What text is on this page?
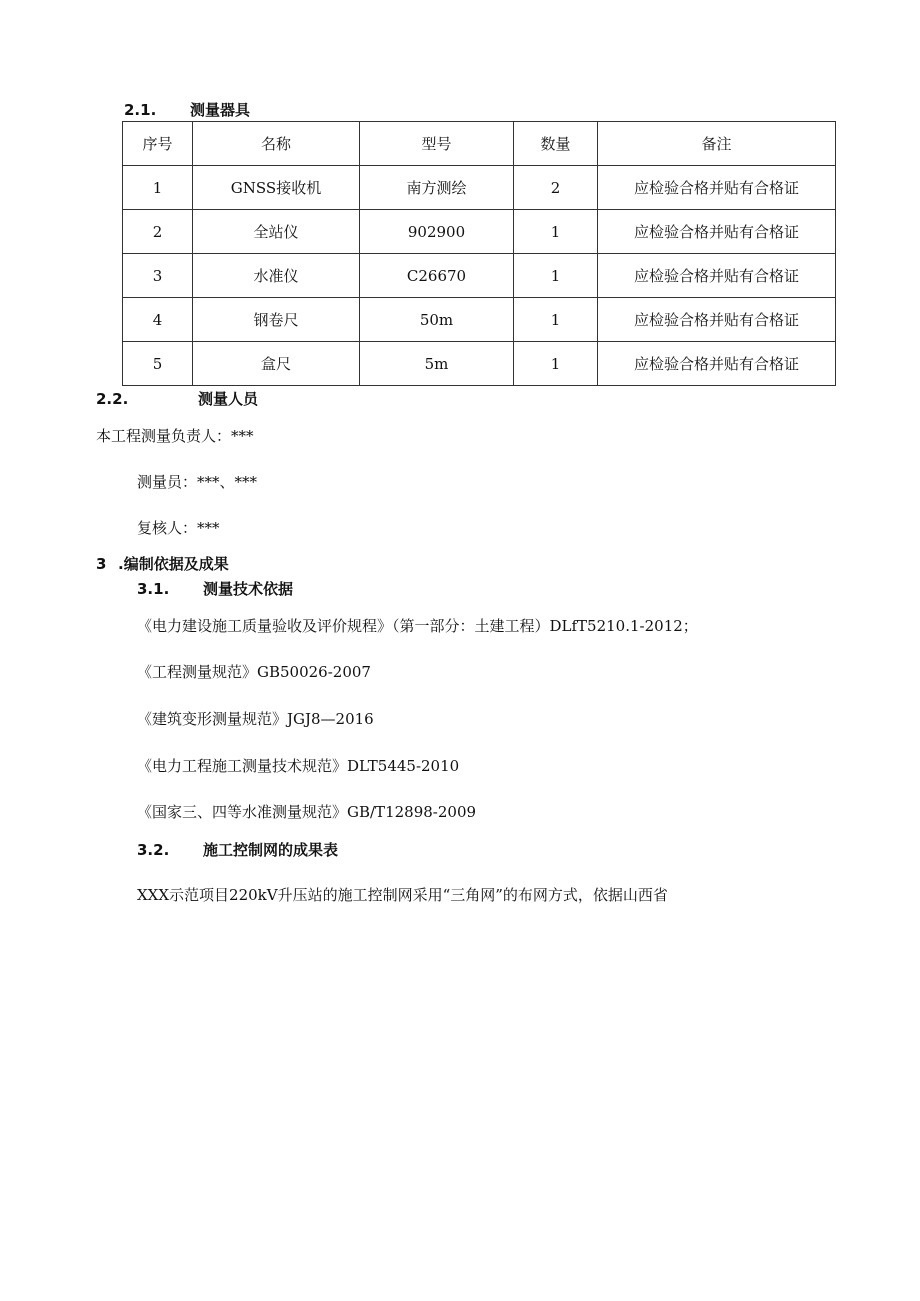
2.1. 测量器具
序号	名称	型号	数量	备注
1	GNSS接收机	南方测绘	2	应检验合格并贴有合格证
2	全站仪	902900	1	应检验合格并贴有合格证
3	水准仪	C26670	1	应检验合格并贴有合格证
4	钢卷尺	50m	1	应检验合格并贴有合格证
5	盒尺	5m	1	应检验合格并贴有合格证
2.2.	测量人员
本工程测量负责人：***
测量员：***、***
复核人：***
3 .编制依据及成果
3.1. 测量技术依据
《电力建设施工质量验收及评价规程》（第一部分：土建工程）DLfT5210.1-2012；
《工程测量规范》GB50026-2007
《建筑变形测量规范》JGJ8—2016
《电力工程施工测量技术规范》DLT5445-2010
《国家三、四等水准测量规范》GB/T12898-2009
3.2. 施工控制网的成果表
XXX示范项目220kV升压站的施工控制网采用“三角网”的布网方式，依据山西省
